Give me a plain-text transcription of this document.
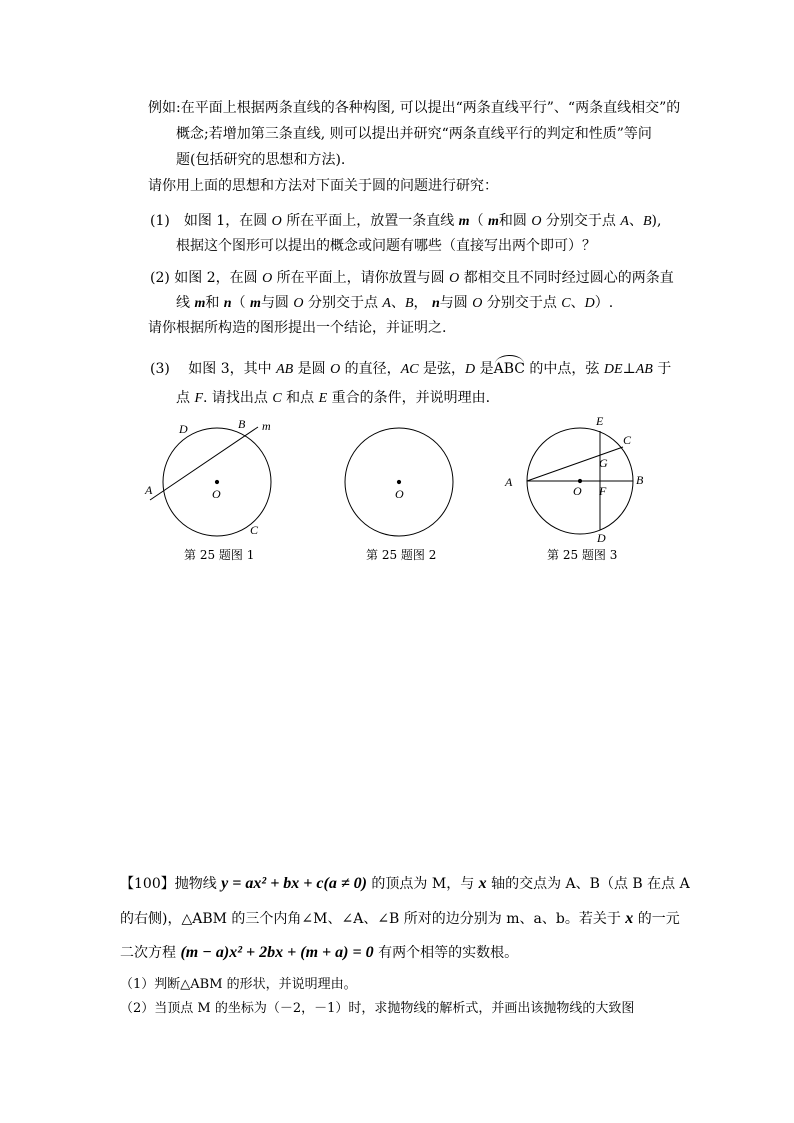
例如:在平面上根据两条直线的各种构图, 可以提出“两条直线平行”、“两条直线相交”的
概念;若增加第三条直线, 则可以提出并研究“两条直线平行的判定和性质”等问
题(包括研究的思想和方法).
请你用上面的思想和方法对下面关于圆的问题进行研究：
(1)　如图 1，在圆 O 所在平面上，放置一条直线 m（ m和圆 O 分别交于点 A、B),
根据这个图形可以提出的概念或问题有哪些（直接写出两个即可）？
(2) 如图 2，在圆 O 所在平面上，请你放置与圆 O 都相交且不同时经过圆心的两条直
线 m和 n（ m与圆 O 分别交于点 A、B， n与圆 O 分别交于点 C、D）.
请你根据所构造的图形提出一个结论，并证明之.
(3)　 如图 3，其中 AB 是圆 O 的直径，AC 是弦，D 是ABC 的中点，弦 DE⊥AB 于
点 F. 请找出点 C 和点 E 重合的条件，并说明理由.
A
B
C
D
O
m
O
A	B
C
D
E
F
G
O
第 25 题图 1	第 25 题图 2	第 25 题图 3
【100】抛物线 y = ax² + bx + c(a ≠ 0) 的顶点为 M，与 x 轴的交点为 A、B（点 B 在点 A
的右侧)，△ABM 的三个内角∠M、∠A、∠B 所对的边分别为 m、a、b。若关于 x 的一元
二次方程 (m − a)x² + 2bx + (m + a) = 0 有两个相等的实数根。
（1）判断△ABM 的形状，并说明理由。
（2）当顶点 M 的坐标为（－2，－1）时，求抛物线的解析式，并画出该抛物线的大致图
